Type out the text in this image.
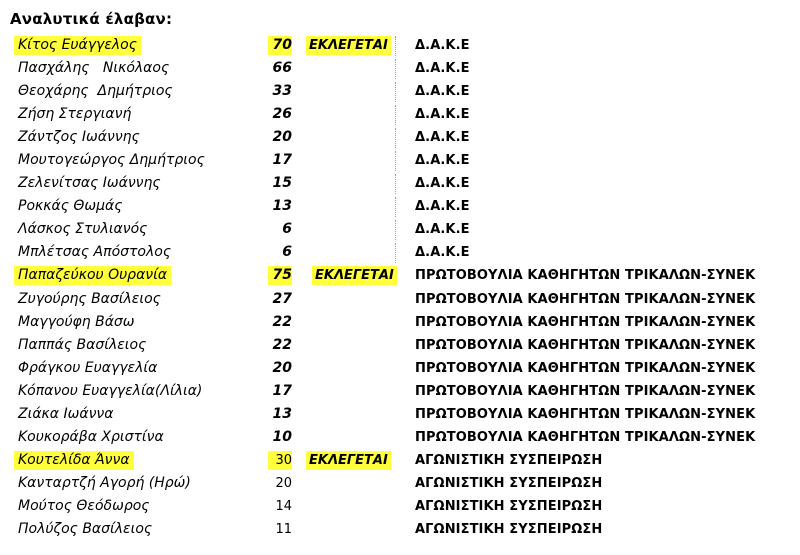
Αναλυτικά έλαβαν:
Κίτος Ευάγγελος	70 ΕΚΛΕΓΕΤΑΙ Δ.Α.Κ.Ε
Πασχάλης   Νικόλαος	66	Δ.Α.Κ.Ε
Θεοχάρης  Δημήτριος	33	Δ.Α.Κ.Ε
Ζήση Στεργιανή	26	Δ.Α.Κ.Ε
Ζάντζος Ιωάννης	20	Δ.Α.Κ.Ε
Μουτογεώργος Δημήτριος	17	Δ.Α.Κ.Ε
Ζελενίτσας Ιωάννης	15	Δ.Α.Κ.Ε
Ροκκάς Θωμάς	13	Δ.Α.Κ.Ε
Λάσκος Στυλιανός	6	Δ.Α.Κ.Ε
Μπλέτσας Απόστολος	6	Δ.Α.Κ.Ε
Παπαζεύκου Ουρανία	75 ΕΚΛΕΓΕΤΑΙ ΠΡΩΤΟΒΟΥΛΙΑ ΚΑΘΗΓΗΤΩΝ ΤΡΙΚΑΛΩΝ-ΣΥΝΕΚ
Ζυγούρης Βασίλειος	27	ΠΡΩΤΟΒΟΥΛΙΑ ΚΑΘΗΓΗΤΩΝ ΤΡΙΚΑΛΩΝ-ΣΥΝΕΚ
Μαγγούφη Βάσω	22	ΠΡΩΤΟΒΟΥΛΙΑ ΚΑΘΗΓΗΤΩΝ ΤΡΙΚΑΛΩΝ-ΣΥΝΕΚ
Παππάς Βασίλειος	22	ΠΡΩΤΟΒΟΥΛΙΑ ΚΑΘΗΓΗΤΩΝ ΤΡΙΚΑΛΩΝ-ΣΥΝΕΚ
Φράγκου Ευαγγελία	20	ΠΡΩΤΟΒΟΥΛΙΑ ΚΑΘΗΓΗΤΩΝ ΤΡΙΚΑΛΩΝ-ΣΥΝΕΚ
Κόπανου Ευαγγελία(Λίλια)	17	ΠΡΩΤΟΒΟΥΛΙΑ ΚΑΘΗΓΗΤΩΝ ΤΡΙΚΑΛΩΝ-ΣΥΝΕΚ
Ζιάκα Ιωάννα	13	ΠΡΩΤΟΒΟΥΛΙΑ ΚΑΘΗΓΗΤΩΝ ΤΡΙΚΑΛΩΝ-ΣΥΝΕΚ
Κουκοράβα Χριστίνα	10	ΠΡΩΤΟΒΟΥΛΙΑ ΚΑΘΗΓΗΤΩΝ ΤΡΙΚΑΛΩΝ-ΣΥΝΕΚ
Κουτελίδα Άννα	30 ΕΚΛΕΓΕΤΑΙ ΑΓΩΝΙΣΤΙΚΗ ΣΥΣΠΕΙΡΩΣΗ
Κανταρτζή Αγορή (Ηρώ)	20	ΑΓΩΝΙΣΤΙΚΗ ΣΥΣΠΕΙΡΩΣΗ
Μούτος Θεόδωρος	14	ΑΓΩΝΙΣΤΙΚΗ ΣΥΣΠΕΙΡΩΣΗ
Πολύζος Βασίλειος	11	ΑΓΩΝΙΣΤΙΚΗ ΣΥΣΠΕΙΡΩΣΗ
